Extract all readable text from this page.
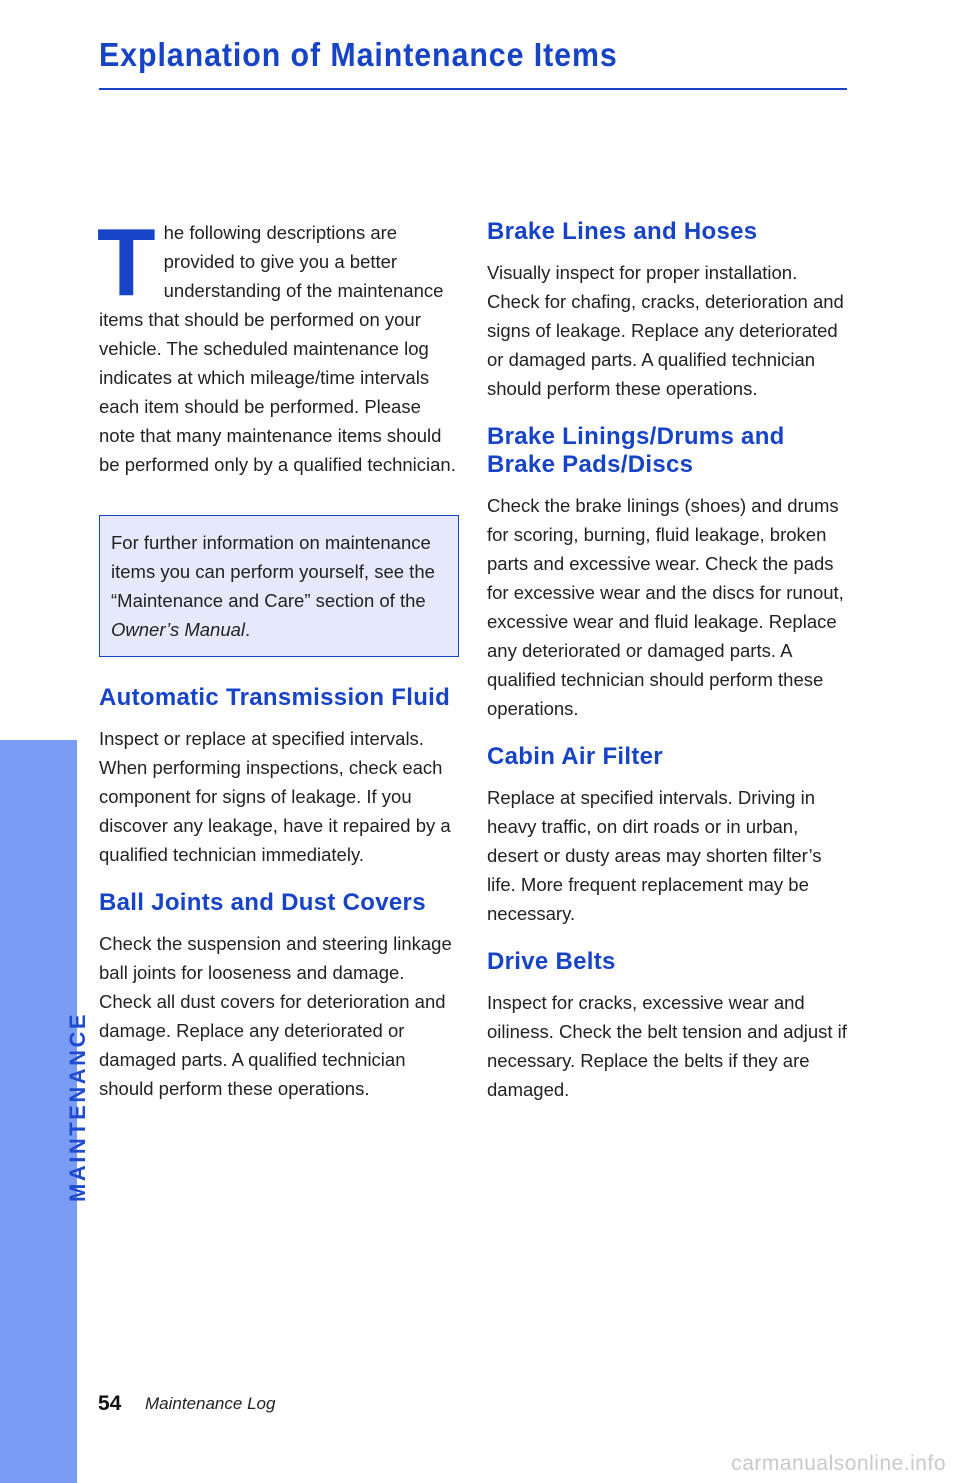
Explanation of Maintenance Items
MAINTENANCE

The following descriptions are provided to give you a better understanding of the maintenance items that should be performed on your vehicle. The scheduled maintenance log indicates at which mileage/time intervals each item should be performed. Please note that many maintenance items should be performed only by a qualified technician.

For further information on maintenance items you can perform yourself, see the “Maintenance and Care” section of the Owner’s Manual.

Automatic Transmission Fluid

Inspect or replace at specified intervals. When performing inspections, check each component for signs of leakage. If you discover any leakage, have it repaired by a qualified technician immediately.

Ball Joints and Dust Covers

Check the suspension and steering linkage ball joints for looseness and damage. Check all dust covers for deterioration and damage. Replace any deteriorated or damaged parts. A qualified technician should perform these operations.

Brake Lines and Hoses

Visually inspect for proper installation. Check for chafing, cracks, deterioration and signs of leakage. Replace any deteriorated or damaged parts. A qualified technician should perform these operations.

Brake Linings/Drums and Brake Pads/Discs

Check the brake linings (shoes) and drums for scoring, burning, fluid leakage, broken parts and excessive wear. Check the pads for excessive wear and the discs for runout, excessive wear and fluid leakage. Replace any deteriorated or damaged parts. A qualified technician should perform these operations.

Cabin Air Filter

Replace at specified intervals. Driving in heavy traffic, on dirt roads or in urban, desert or dusty areas may shorten filter’s life. More frequent replacement may be necessary.

Drive Belts

Inspect for cracks, excessive wear and oiliness. Check the belt tension and adjust if necessary. Replace the belts if they are damaged.

54 Maintenance Log
carmanualsonline.info
